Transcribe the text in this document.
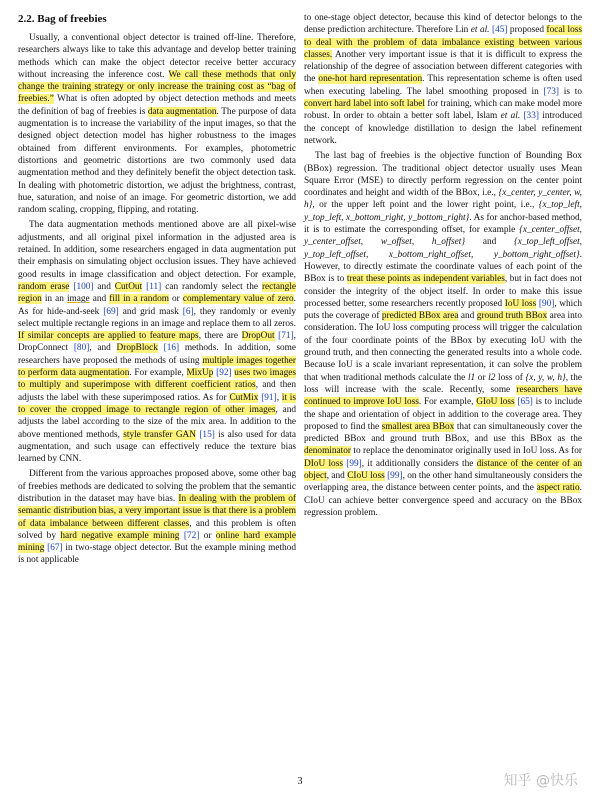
2.2. Bag of freebies

Usually, a conventional object detector is trained off-line. Therefore, researchers always like to take this advantage and develop better training methods which can make the object detector receive better accuracy without increasing the inference cost. We call these methods that only change the training strategy or only increase the training cost as “bag of freebies.” What is often adopted by object detection methods and meets the definition of bag of freebies is data augmentation. The purpose of data augmentation is to increase the variability of the input images, so that the designed object detection model has higher robustness to the images obtained from different environments. For examples, photometric distortions and geometric distortions are two commonly used data augmentation method and they definitely benefit the object detection task. In dealing with photometric distortion, we adjust the brightness, contrast, hue, saturation, and noise of an image. For geometric distortion, we add random scaling, cropping, flipping, and rotating.

The data augmentation methods mentioned above are all pixel-wise adjustments, and all original pixel information in the adjusted area is retained. In addition, some researchers engaged in data augmentation put their emphasis on simulating object occlusion issues. They have achieved good results in image classification and object detection. For example, random erase [100] and CutOut [11] can randomly select the rectangle region in an image and fill in a random or complementary value of zero. As for hide-and-seek [69] and grid mask [6], they randomly or evenly select multiple rectangle regions in an image and replace them to all zeros. If similar concepts are applied to feature maps, there are DropOut [71], DropConnect [80], and DropBlock [16] methods. In addition, some researchers have proposed the methods of using multiple images together to perform data augmentation. For example, MixUp [92] uses two images to multiply and superimpose with different coefficient ratios, and then adjusts the label with these superimposed ratios. As for CutMix [91], it is to cover the cropped image to rectangle region of other images, and adjusts the label according to the size of the mix area. In addition to the above mentioned methods, style transfer GAN [15] is also used for data augmentation, and such usage can effectively reduce the texture bias learned by CNN.

Different from the various approaches proposed above, some other bag of freebies methods are dedicated to solving the problem that the semantic distribution in the dataset may have bias. In dealing with the problem of semantic distribution bias, a very important issue is that there is a problem of data imbalance between different classes, and this problem is often solved by hard negative example mining [72] or online hard example mining [67] in two-stage object detector. But the example mining method is not applicable

to one-stage object detector, because this kind of detector belongs to the dense prediction architecture. Therefore Lin et al. [45] proposed focal loss to deal with the problem of data imbalance existing between various classes. Another very important issue is that it is difficult to express the relationship of the degree of association between different categories with the one-hot hard representation. This representation scheme is often used when executing labeling. The label smoothing proposed in [73] is to convert hard label into soft label for training, which can make model more robust. In order to obtain a better soft label, Islam et al. [33] introduced the concept of knowledge distillation to design the label refinement network.

The last bag of freebies is the objective function of Bounding Box (BBox) regression. The traditional object detector usually uses Mean Square Error (MSE) to directly perform regression on the center point coordinates and height and width of the BBox, i.e., {x_center, y_center, w, h}, or the upper left point and the lower right point, i.e., {x_top_left, y_top_left, x_bottom_right, y_bottom_right}. As for anchor-based method, it is to estimate the corresponding offset, for example {x_center_offset, y_center_offset, w_offset, h_offset} and {x_top_left_offset, y_top_left_offset, x_bottom_right_offset, y_bottom_right_offset}. However, to directly estimate the coordinate values of each point of the BBox is to treat these points as independent variables, but in fact does not consider the integrity of the object itself. In order to make this issue processed better, some researchers recently proposed IoU loss [90], which puts the coverage of predicted BBox area and ground truth BBox area into consideration. The IoU loss computing process will trigger the calculation of the four coordinate points of the BBox by executing IoU with the ground truth, and then connecting the generated results into a whole code. Because IoU is a scale invariant representation, it can solve the problem that when traditional methods calculate the l1 or l2 loss of {x, y, w, h}, the loss will increase with the scale. Recently, some researchers have continued to improve IoU loss. For example, GIoU loss [65] is to include the shape and orientation of object in addition to the coverage area. They proposed to find the smallest area BBox that can simultaneously cover the predicted BBox and ground truth BBox, and use this BBox as the denominator to replace the denominator originally used in IoU loss. As for DIoU loss [99], it additionally considers the distance of the center of an object, and CIoU loss [99], on the other hand simultaneously considers the overlapping area, the distance between center points, and the aspect ratio. CIoU can achieve better convergence speed and accuracy on the BBox regression problem.

3	知乎 @快乐
